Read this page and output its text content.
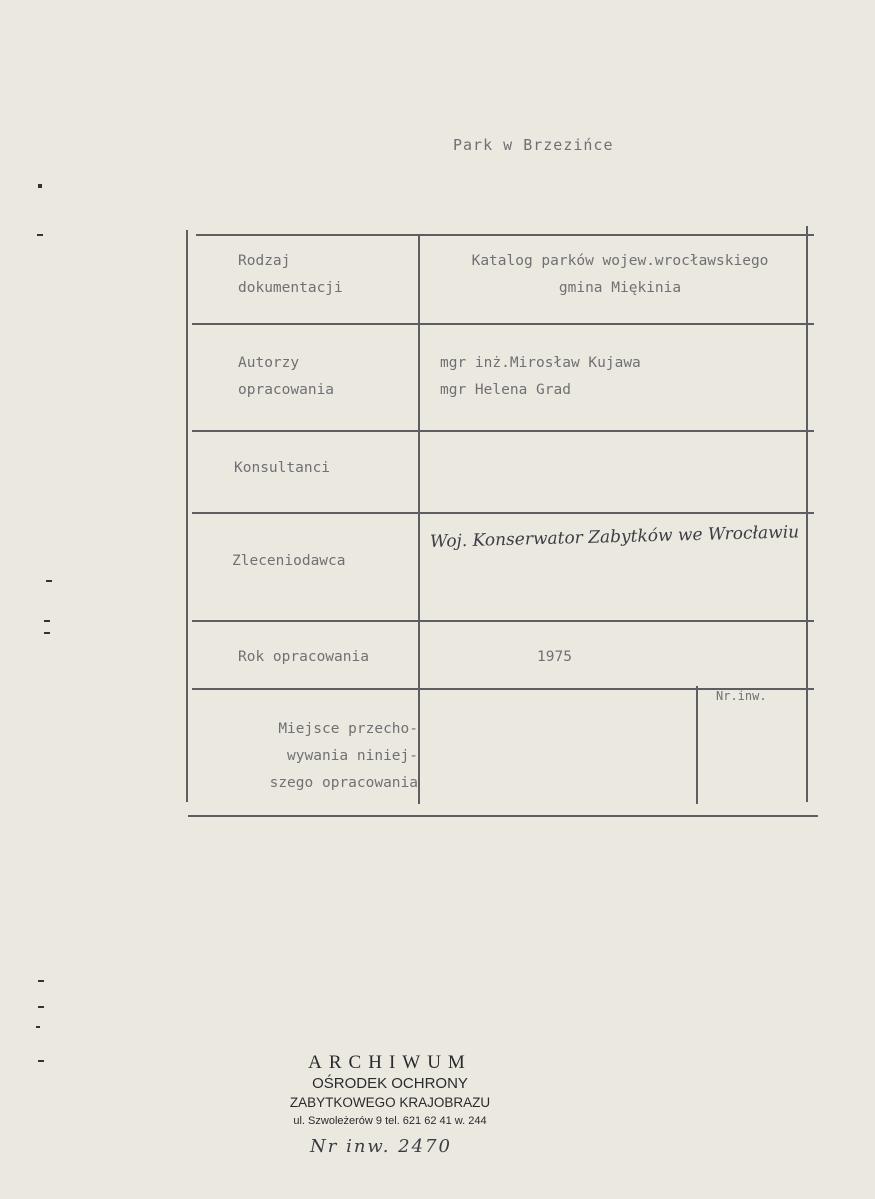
Park w Brzezińce
Rodzaj
dokumentacji
Katalog parków wojew.wrocławskiego
gmina Miękinia
Autorzy
opracowania
mgr inż.Mirosław Kujawa
mgr Helena Grad
Konsultanci
Zleceniodawca
Woj. Konserwator Zabytków we Wrocławiu
Rok opracowania	1975
Miejsce przecho-
wywania niniej-
szego opracowania
Nr.inw.
ARCHIWUM
OŚRODEK OCHRONY
ZABYTKOWEGO KRAJOBRAZU
ul. Szwoleżerów 9 tel. 621 62 41 w. 244
Nr inw. 2470
